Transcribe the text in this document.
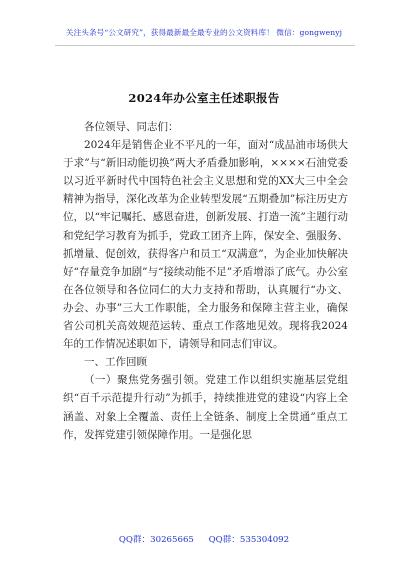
关注头条号“公文研究”，获得最新最全最专业的公文资料库！ 微信：gongwenyj
2024年办公室主任述职报告

各位领导、同志们：

2024年是销售企业不平凡的一年，面对“成品油市场供大于求”与“新旧动能切换”两大矛盾叠加影响，××××石油党委以习近平新时代中国特色社会主义思想和党的XX大三中全会精神为指导，深化改革为企业转型发展“五期叠加”标注历史方位，以“牢记嘱托、感恩奋进，创新发展、打造一流”主题行动和党纪学习教育为抓手，党政工团齐上阵，保安全、强服务、抓增量、促创效，获得客户和员工“双满意”，为企业加快解决好“存量竞争加剧”与“接续动能不足”矛盾增添了底气。办公室在各位领导和各位同仁的大力支持和帮助，认真履行“办文、办会、办事”三大工作职能，全力服务和保障主营主业，确保省公司机关高效规范运转、重点工作落地见效。现将我2024年的工作情况述职如下，请领导和同志们审议。

一、工作回顾

（一）聚焦党务强引领。党建工作以组织实施基层党组织“百千示范提升行动”为抓手，持续推进党的建设“内容上全涵盖、对象上全覆盖、责任上全链条、制度上全贯通”重点工作，发挥党建引领保障作用。一是强化思

QQ群：30265665 QQ群：535304092
